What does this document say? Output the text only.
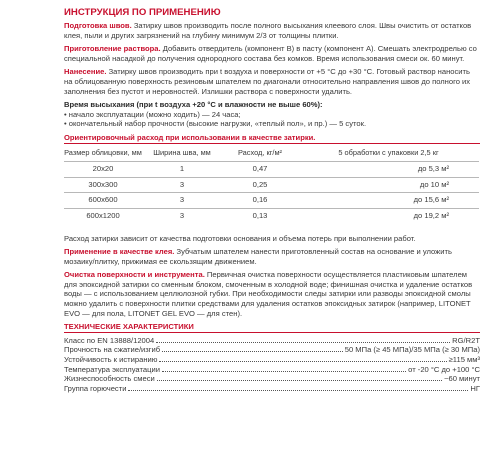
ИНСТРУКЦИЯ ПО ПРИМЕНЕНИЮ

Подготовка швов. Затирку швов производить после полного высыхания клеевого слоя. Швы очистить от остатков клея, пыли и других загрязнений на глубину минимум 2/3 от толщины плитки.

Приготовление раствора. Добавить отвердитель (компонент В) в пасту (компонент А). Смешать электродрелью со специальной насадкой до получения однородного состава без комков. Время использования смеси ок. 60 минут.

Нанесение. Затирку швов производить при t воздуха и поверхности от +5 °С до +30 °С. Готовый раствор наносить на облицованную поверхность резиновым шпателем по диагонали относительно направления швов до полного их заполнения без пустот и неровностей. Излишки раствора с поверхности удалить.

Время высыхания (при t воздуха +20 °С и влажности не выше 60%):
• начало эксплуатации (можно ходить) — 24 часа;
• окончательный набор прочности (высокие нагрузки, «теплый пол», и пр.) — 5 суток.
Ориентировочный расход при использовании в качестве затирки.
Размер облицовки, мм	Ширина шва, мм	Расход, кг/м²	5 обработки с упаковки 2,5 кг
20х20	1	0,47	до 5,3 м²
300х300	3	0,25	до 10 м²
600х600	3	0,16	до 15,6 м²
600х1200	3	0,13	до 19,2 м²

Расход затирки зависит от качества подготовки основания и объема потерь при выполнении работ.

Применение в качестве клея. Зубчатым шпателем нанести приготовленный состав на основание и уложить мозаику/плитку, прижимая ее скользящим движением.

Очистка поверхности и инструмента. Первичная очистка поверхности осуществляется пластиковым шпателем для эпоксидной затирки со сменным блоком, смоченным в холодной воде; финишная очистка и удаление остатков воды — с использованием целлюлозной губки. При необходимости следы затирки или разводы эпоксидной смолы можно удалить с поверхности плитки средствами для удаления остатков эпоксидных затирок (например, LITONET EVO — для пола, LITONET GEL EVO — для стен).

ТЕХНИЧЕСКИЕ ХАРАКТЕРИСТИКИ
Класс по EN 13888/12004	RG/R2T
Прочность на сжатие/изгиб	50 МПа (≥ 45 МПа)/35 МПа (≥ 30 МПа)
Устойчивость к истиранию	≥115 мм³
Температура эксплуатации	от -20 °С до +100 °С
Жизнеспособность смеси	~60 минут
Группа горючести	НГ
